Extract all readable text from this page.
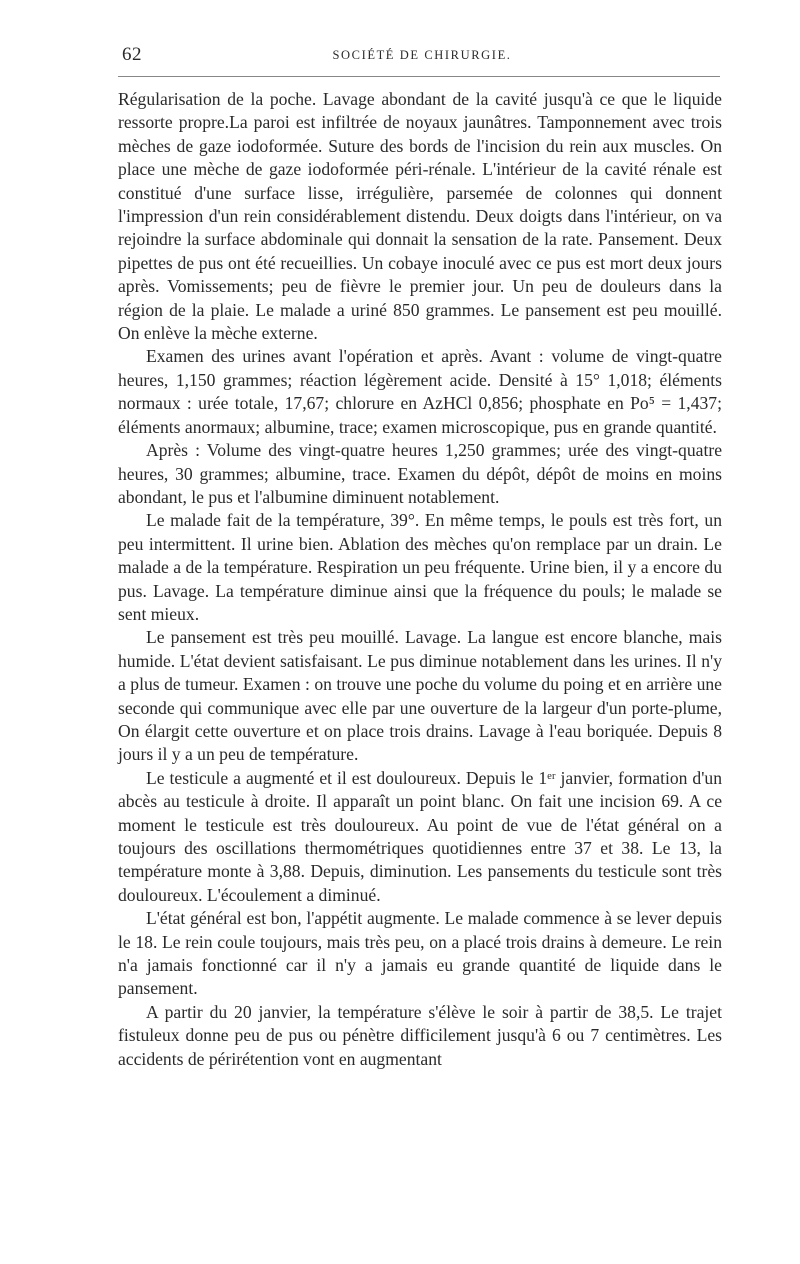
62	SOCIÉTÉ DE CHIRURGIE.

Régularisation de la poche. Lavage abondant de la cavité jusqu'à ce que le liquide ressorte propre.La paroi est infiltrée de noyaux jaunâtres. Tamponnement avec trois mèches de gaze iodoformée. Suture des bords de l'incision du rein aux muscles. On place une mèche de gaze iodoformée péri-rénale. L'intérieur de la cavité rénale est constitué d'une surface lisse, irrégulière, parsemée de colonnes qui donnent l'impression d'un rein considérablement distendu. Deux doigts dans l'intérieur, on va rejoindre la surface abdominale qui donnait la sensation de la rate. Pansement. Deux pipettes de pus ont été recueillies. Un cobaye inoculé avec ce pus est mort deux jours après. Vomissements; peu de fièvre le premier jour. Un peu de douleurs dans la région de la plaie. Le malade a uriné 850 grammes. Le pansement est peu mouillé. On enlève la mèche externe.

Examen des urines avant l'opération et après. Avant : volume de vingt-quatre heures, 1,150 grammes; réaction légèrement acide. Densité à 15° 1,018; éléments normaux : urée totale, 17,67; chlorure en AzHCl 0,856; phosphate en Po⁵ = 1,437; éléments anormaux; albumine, trace; examen microscopique, pus en grande quantité.

Après : Volume des vingt-quatre heures 1,250 grammes; urée des vingt-quatre heures, 30 grammes; albumine, trace. Examen du dépôt, dépôt de moins en moins abondant, le pus et l'albumine diminuent notablement.

Le malade fait de la température, 39°. En même temps, le pouls est très fort, un peu intermittent. Il urine bien. Ablation des mèches qu'on remplace par un drain. Le malade a de la température. Respiration un peu fréquente. Urine bien, il y a encore du pus. Lavage. La température diminue ainsi que la fréquence du pouls; le malade se sent mieux.

Le pansement est très peu mouillé. Lavage. La langue est encore blanche, mais humide. L'état devient satisfaisant. Le pus diminue notablement dans les urines. Il n'y a plus de tumeur. Examen : on trouve une poche du volume du poing et en arrière une seconde qui communique avec elle par une ouverture de la largeur d'un porte-plume, On élargit cette ouverture et on place trois drains. Lavage à l'eau boriquée. Depuis 8 jours il y a un peu de température.

Le testicule a augmenté et il est douloureux. Depuis le 1ᵉʳ janvier, formation d'un abcès au testicule à droite. Il apparaît un point blanc. On fait une incision 69. A ce moment le testicule est très douloureux. Au point de vue de l'état général on a toujours des oscillations thermométriques quotidiennes entre 37 et 38. Le 13, la température monte à 3,88. Depuis, diminution. Les pansements du testicule sont très douloureux. L'écoulement a diminué.

L'état général est bon, l'appétit augmente. Le malade commence à se lever depuis le 18. Le rein coule toujours, mais très peu, on a placé trois drains à demeure. Le rein n'a jamais fonctionné car il n'y a jamais eu grande quantité de liquide dans le pansement.

A partir du 20 janvier, la température s'élève le soir à partir de 38,5. Le trajet fistuleux donne peu de pus ou pénètre difficilement jusqu'à 6 ou 7 centimètres. Les accidents de périrétention vont en augmentant
